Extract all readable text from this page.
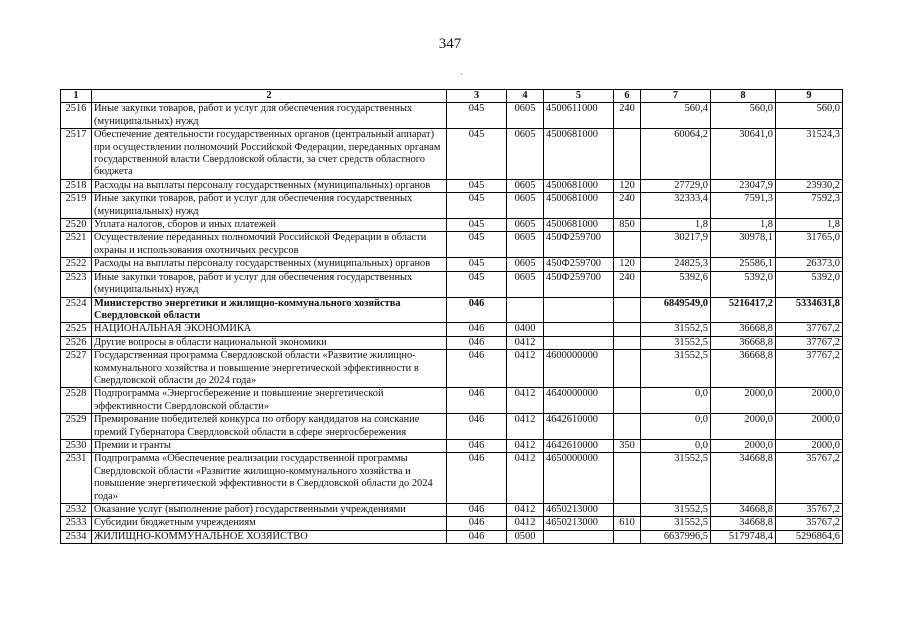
347
·
1	2	3	4	5	6	7	8	9
2516	Иные закупки товаров, работ и услуг для обеспечения государственных (муниципальных) нужд	045	0605	4500611000	240	560,4	560,0	560,0
2517	Обеспечение деятельности государственных органов (центральный аппарат) при осуществлении полномочий Российской Федерации, переданных органам государственной власти Свердловской области, за счет средств областного бюджета	045	0605	4500681000		60064,2	30641,0	31524,3
2518	Расходы на выплаты персоналу государственных (муниципальных) органов	045	0605	4500681000	120	27729,0	23047,9	23930,2
2519	Иные закупки товаров, работ и услуг для обеспечения государственных (муниципальных) нужд	045	0605	4500681000	240	32333,4	7591,3	7592,3
2520	Уплата налогов, сборов и иных платежей	045	0605	4500681000	850	1,8	1,8	1,8
2521	Осуществление переданных полномочий Российской Федерации в области охраны и использования охотничьих ресурсов	045	0605	450Ф259700		30217,9	30978,1	31765,0
2522	Расходы на выплаты персоналу государственных (муниципальных) органов	045	0605	450Ф259700	120	24825,3	25586,1	26373,0
2523	Иные закупки товаров, работ и услуг для обеспечения государственных (муниципальных) нужд	045	0605	450Ф259700	240	5392,6	5392,0	5392,0
2524	Министерство энергетики и жилищно-коммунального хозяйства Свердловской области	046				6849549,0	5216417,2	5334631,8
2525	НАЦИОНАЛЬНАЯ ЭКОНОМИКА	046	0400			31552,5	36668,8	37767,2
2526	Другие вопросы в области национальной экономики	046	0412			31552,5	36668,8	37767,2
2527	Государственная программа Свердловской области «Развитие жилищно-коммунального хозяйства и повышение энергетической эффективности в Свердловской области до 2024 года»	046	0412	4600000000		31552,5	36668,8	37767,2
2528	Подпрограмма «Энергосбережение и повышение энергетической эффективности Свердловской области»	046	0412	4640000000		0,0	2000,0	2000,0
2529	Премирование победителей конкурса по отбору кандидатов на соискание премий Губернатора Свердловской области в сфере энергосбережения	046	0412	4642610000		0,0	2000,0	2000,0
2530	Премии и гранты	046	0412	4642610000	350	0,0	2000,0	2000,0
2531	Подпрограмма «Обеспечение реализации государственной программы Свердловской области «Развитие жилищно-коммунального хозяйства и повышение энергетической эффективности в Свердловской области до 2024 года»	046	0412	4650000000		31552,5	34668,8	35767,2
2532	Оказание услуг (выполнение работ) государственными учреждениями	046	0412	4650213000		31552,5	34668,8	35767,2
2533	Субсидии бюджетным учреждениям	046	0412	4650213000	610	31552,5	34668,8	35767,2
2534	ЖИЛИЩНО-КОММУНАЛЬНОЕ ХОЗЯЙСТВО	046	0500			6637996,5	5179748,4	5296864,6
